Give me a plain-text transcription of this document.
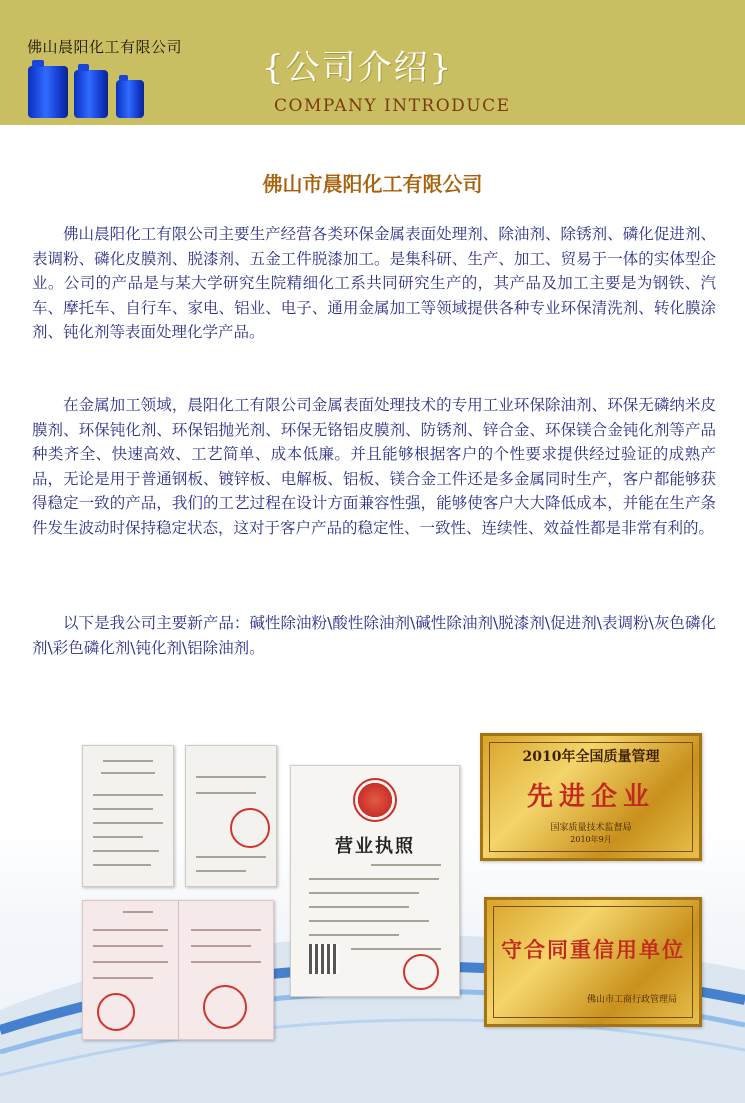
佛山晨阳化工有限公司
{公司介绍}
COMPANY INTRODUCE
佛山市晨阳化工有限公司

佛山晨阳化工有限公司主要生产经营各类环保金属表面处理剂、除油剂、除锈剂、磷化促进剂、表调粉、磷化皮膜剂、脱漆剂、五金工件脱漆加工。是集科研、生产、加工、贸易于一体的实体型企业。公司的产品是与某大学研究生院精细化工系共同研究生产的，其产品及加工主要是为钢铁、汽车、摩托车、自行车、家电、铝业、电子、通用金属加工等领域提供各种专业环保清洗剂、转化膜涂剂、钝化剂等表面处理化学产品。

在金属加工领域，晨阳化工有限公司金属表面处理技术的专用工业环保除油剂、环保无磷纳米皮膜剂、环保钝化剂、环保铝抛光剂、环保无铬铝皮膜剂、防锈剂、锌合金、环保镁合金钝化剂等产品种类齐全、快速高效、工艺简单、成本低廉。并且能够根据客户的个性要求提供经过验证的成熟产品，无论是用于普通钢板、镀锌板、电解板、铝板、镁合金工件还是多金属同时生产，客户都能够获得稳定一致的产品，我们的工艺过程在设计方面兼容性强，能够使客户大大降低成本，并能在生产条件发生波动时保持稳定状态，这对于客户产品的稳定性、一致性、连续性、效益性都是非常有利的。

以下是我公司主要新产品：碱性除油粉\酸性除油剂\碱性除油剂\脱漆剂\促进剂\表调粉\灰色磷化剂\彩色磷化剂\钝化剂\铝除油剂。

营业执照
2010年全国质量管理
先进企业
国家质量技术监督局
2010年9月
守合同重信用单位
佛山市工商行政管理局
